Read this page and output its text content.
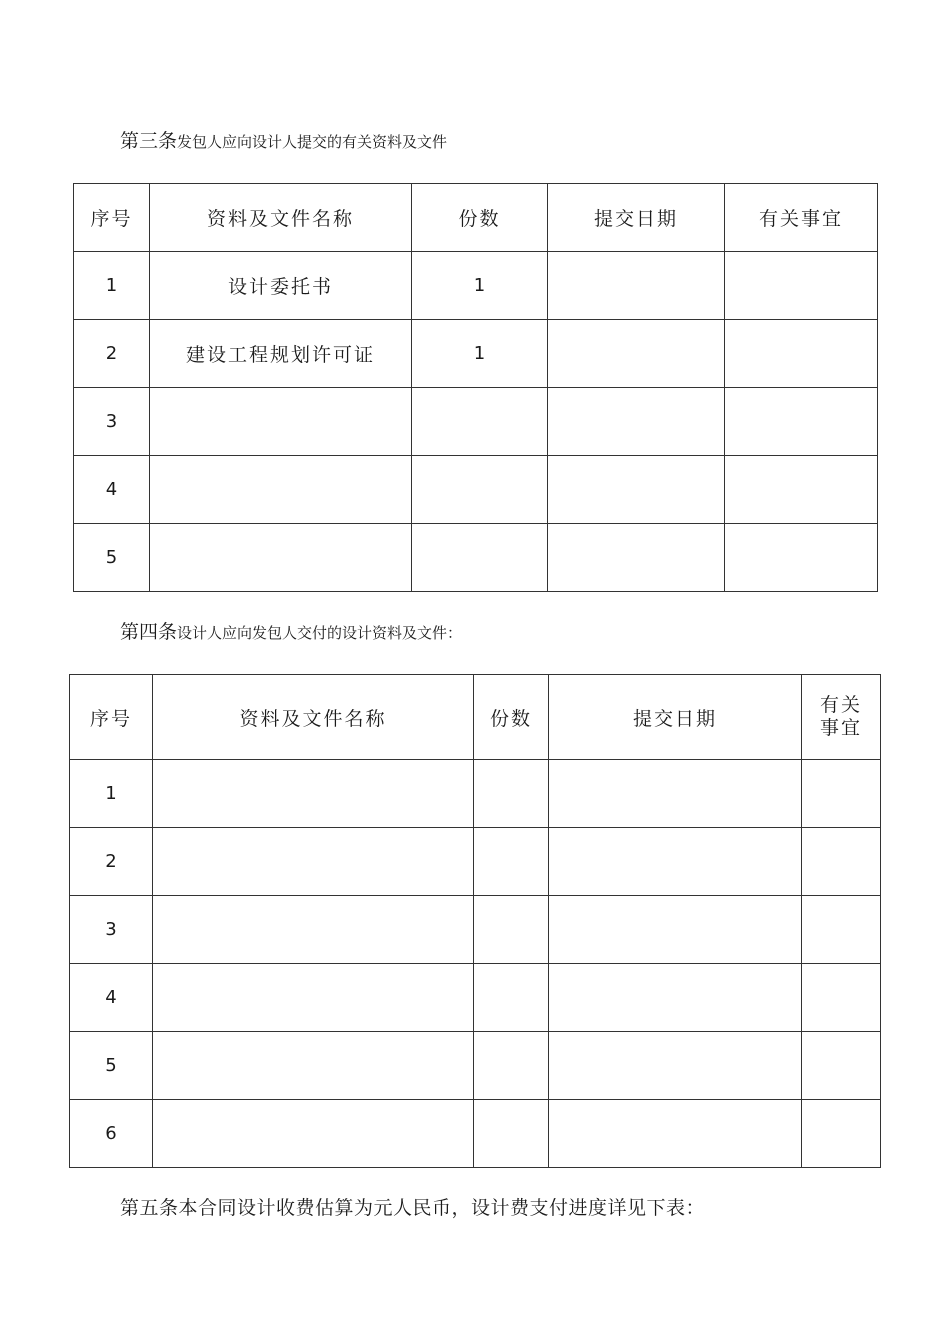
第三条发包人应向设计人提交的有关资料及文件
序号	资料及文件名称	份数	提交日期	有关事宜
1	设计委托书	1		
2	建设工程规划许可证	1		
3				
4				
5				
第四条设计人应向发包人交付的设计资料及文件：
序号	资料及文件名称	份数	提交日期	有关
事宜
1				
2				
3				
4				
5				
6				
第五条本合同设计收费估算为元人民币，设计费支付进度详见下表：
